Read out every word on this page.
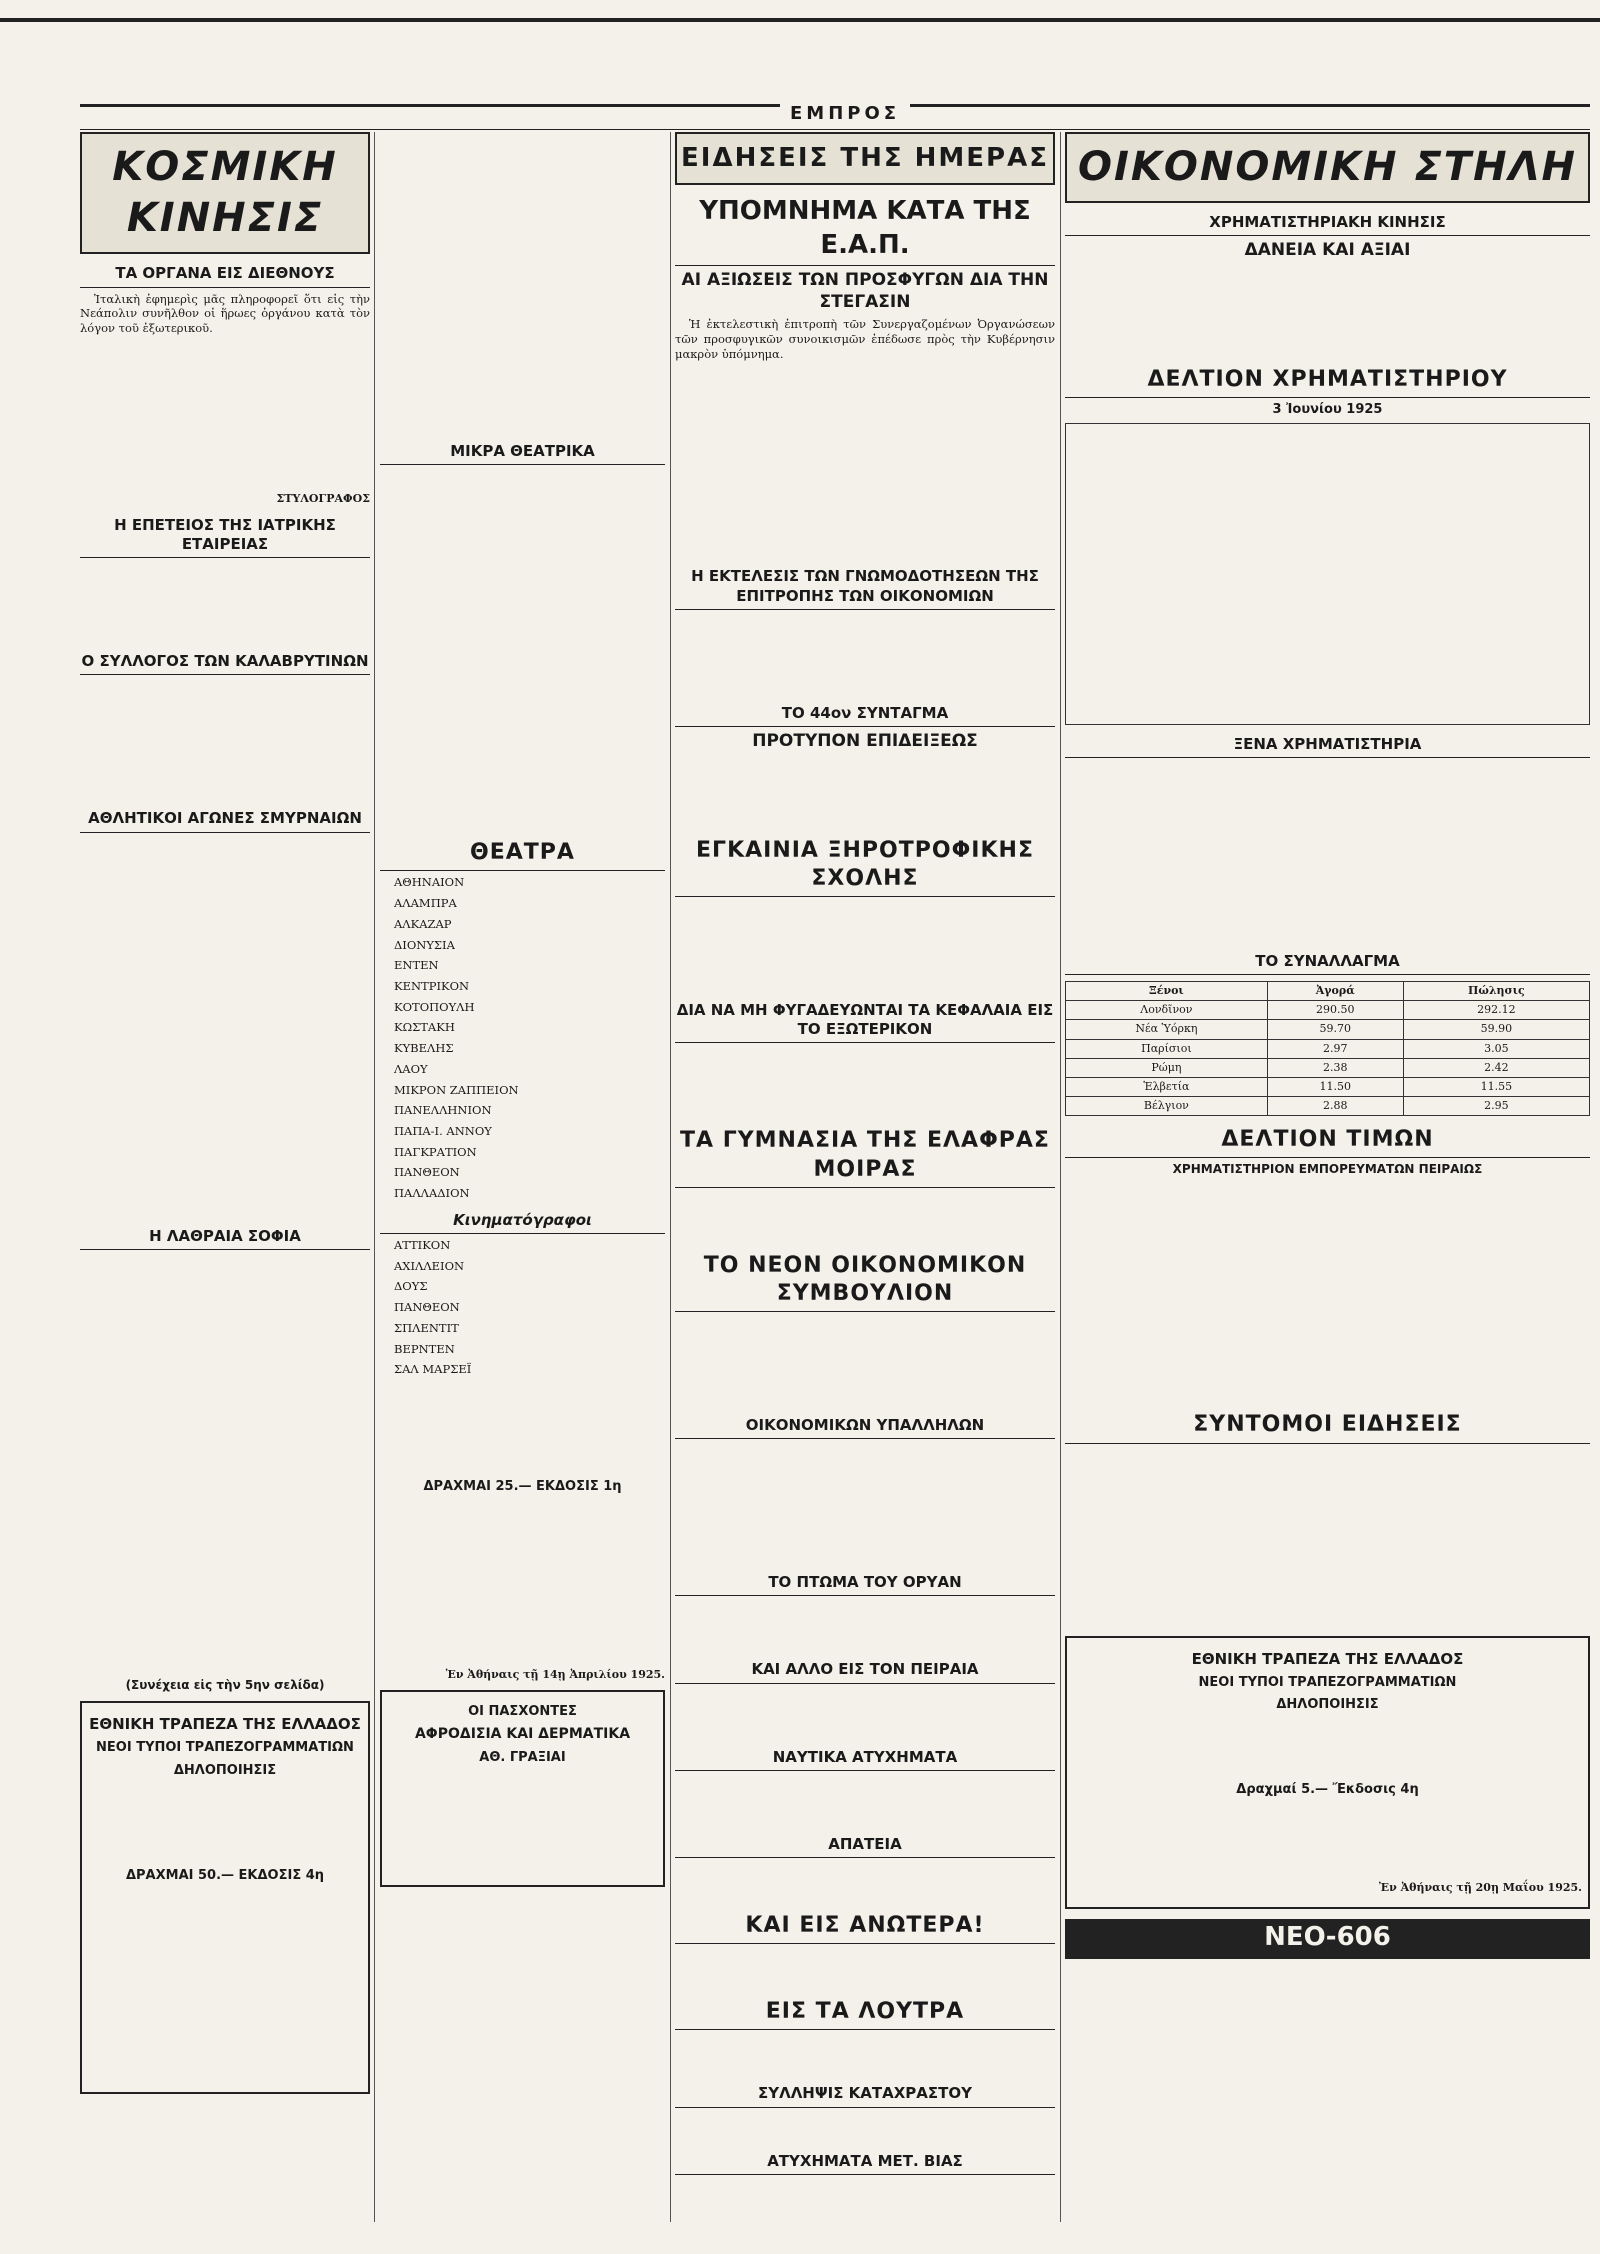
ΕΜΠΡΟΣ
ΚΟΣΜΙΚΗ ΚΙΝΗΣΙΣ
ΤΑ ΟΡΓΑΝΑ ΕΙΣ ΔΙΕΘΝΟΥΣ

Ἰταλικὴ ἐφημερὶς μᾶς πληροφορεῖ ὅτι εἰς τὴν Νεάπολιν συνῆλθον οἱ ἥρωες ὀργάνου κατὰ τὸν λόγον τοῦ ἐξωτερικοῦ.

ΣΤΥΛΟΓΡΑΦΟΣ
Η ΕΠΕΤΕΙΟΣ ΤΗΣ ΙΑΤΡΙΚΗΣ ΕΤΑΙΡΕΙΑΣ
Ο ΣΥΛΛΟΓΟΣ ΤΩΝ ΚΑΛΑΒΡΥΤΙΝΩΝ
ΑΘΛΗΤΙΚΟΙ ΑΓΩΝΕΣ ΣΜΥΡΝΑΙΩΝ
Η ΛΑΘΡΑΙΑ ΣΟΦΙΑ
(Συνέχεια εἰς τὴν 5ην σελίδα)
ΕΘΝΙΚΗ ΤΡΑΠΕΖΑ ΤΗΣ ΕΛΛΑΔΟΣ
ΝΕΟΙ ΤΥΠΟΙ ΤΡΑΠΕΖΟΓΡΑΜΜΑΤΙΩΝ
ΔΗΛΟΠΟΙΗΣΙΣ
ΔΡΑΧΜΑΙ 50.— ΕΚΔΟΣΙΣ 4η
ΜΙΚΡΑ ΘΕΑΤΡΙΚΑ
ΘΕΑΤΡΑ
ΑΘΗΝΑΙΟΝ
ΑΛΑΜΠΡΑ
ΑΛΚΑΖΑΡ
ΔΙΟΝΥΣΙΑ
ΕΝΤΕΝ
ΚΕΝΤΡΙΚΟΝ
ΚΟΤΟΠΟΥΛΗ
ΚΩΣΤΑΚΗ
ΚΥΒΕΛΗΣ
ΛΑΟΥ
ΜΙΚΡΟΝ ΖΑΠΠΕΙΟΝ
ΠΑΝΕΛΛΗΝΙΟΝ
ΠΑΠΑ-Ι. ΑΝΝΟΥ
ΠΑΓΚΡΑΤΙΟΝ
ΠΑΝΘΕΟΝ
ΠΑΛΛΑΔΙΟΝ
Κινηματόγραφοι
ΑΤΤΙΚΟΝ
ΑΧΙΛΛΕΙΟΝ
ΔΟΥΣ
ΠΑΝΘΕΟΝ
ΣΠΛΕΝΤΙΤ
ΒΕΡΝΤΕΝ
ΣΑΛ ΜΑΡΣΕΪ
ΔΡΑΧΜΑΙ 25.— ΕΚΔΟΣΙΣ 1η
Ἐν Ἀθήναις τῇ 14ῃ Ἀπριλίου 1925.
ΟΙ ΠΑΣΧΟΝΤΕΣ
ΑΦΡΟΔΙΣΙΑ ΚΑΙ ΔΕΡΜΑΤΙΚΑ
ΑΘ. ΓΡΑΞΙΑΙ
ΕΙΔΗΣΕΙΣ ΤΗΣ ΗΜΕΡΑΣ
ΥΠΟΜΝΗΜΑ ΚΑΤΑ ΤΗΣ Ε.Α.Π.
ΑΙ ΑΞΙΩΣΕΙΣ ΤΩΝ ΠΡΟΣΦΥΓΩΝ ΔΙΑ ΤΗΝ ΣΤΕΓΑΣΙΝ

Ἡ ἐκτελεστικὴ ἐπιτροπὴ τῶν Συνεργαζομένων Ὀργανώσεων τῶν προσφυγικῶν συνοικισμῶν ἐπέδωσε πρὸς τὴν Κυβέρνησιν μακρὸν ὑπόμνημα.

Η ΕΚΤΕΛΕΣΙΣ ΤΩΝ ΓΝΩΜΟΔΟΤΗΣΕΩΝ ΤΗΣ ΕΠΙΤΡΟΠΗΣ ΤΩΝ ΟΙΚΟΝΟΜΙΩΝ
ΤΟ 44ον ΣΥΝΤΑΓΜΑ
ΠΡΟΤΥΠΟΝ ΕΠΙΔΕΙΞΕΩΣ
ΕΓΚΑΙΝΙΑ ΞΗΡΟΤΡΟΦΙΚΗΣ ΣΧΟΛΗΣ
ΔΙΑ ΝΑ ΜΗ ΦΥΓΑΔΕΥΩΝΤΑΙ ΤΑ ΚΕΦΑΛΑΙΑ ΕΙΣ ΤΟ ΕΞΩΤΕΡΙΚΟΝ
ΤΑ ΓΥΜΝΑΣΙΑ ΤΗΣ ΕΛΑΦΡΑΣ ΜΟΙΡΑΣ
ΤΟ ΝΕΟΝ ΟΙΚΟΝΟΜΙΚΟΝ ΣΥΜΒΟΥΛΙΟΝ
ΟΙΚΟΝΟΜΙΚΩΝ ΥΠΑΛΛΗΛΩΝ
ΤΟ ΠΤΩΜΑ ΤΟΥ ΟΡΥΑΝ
ΚΑΙ ΑΛΛΟ ΕΙΣ ΤΟΝ ΠΕΙΡΑΙΑ
ΝΑΥΤΙΚΑ ΑΤΥΧΗΜΑΤΑ
ΑΠΑΤΕΙΑ
ΚΑΙ ΕΙΣ ΑΝΩΤΕΡΑ!
ΕΙΣ ΤΑ ΛΟΥΤΡΑ
ΣΥΛΛΗΨΙΣ ΚΑΤΑΧΡΑΣΤΟΥ
ΑΤΥΧΗΜΑΤΑ ΜΕΤ. ΒΙΑΣ
ΟΙΚΟΝΟΜΙΚΗ ΣΤΗΛΗ
ΧΡΗΜΑΤΙΣΤΗΡΙΑΚΗ ΚΙΝΗΣΙΣ
ΔΑΝΕΙΑ ΚΑΙ ΑΞΙΑΙ
ΔΕΛΤΙΟΝ ΧΡΗΜΑΤΙΣΤΗΡΙΟΥ
3 Ἰουνίου 1925
ΞΕΝΑ ΧΡΗΜΑΤΙΣΤΗΡΙΑ
ΤΟ ΣΥΝΑΛΛΑΓΜΑ
Ξένοι	Ἀγορά	Πώλησις
Λονδῖνον	290.50	292.12
Νέα Ὑόρκη	59.70	59.90
Παρίσιοι	2.97	3.05
Ρώμη	2.38	2.42
Ἑλβετία	11.50	11.55
Βέλγιον	2.88	2.95
ΔΕΛΤΙΟΝ ΤΙΜΩΝ
ΧΡΗΜΑΤΙΣΤΗΡΙΟΝ ΕΜΠΟΡΕΥΜΑΤΩΝ ΠΕΙΡΑΙΩΣ
ΣΥΝΤΟΜΟΙ ΕΙΔΗΣΕΙΣ
ΕΘΝΙΚΗ ΤΡΑΠΕΖΑ ΤΗΣ ΕΛΛΑΔΟΣ
ΝΕΟΙ ΤΥΠΟΙ ΤΡΑΠΕΖΟΓΡΑΜΜΑΤΙΩΝ
ΔΗΛΟΠΟΙΗΣΙΣ
Δραχμαί 5.— Ἔκδοσις 4η
Ἐν Ἀθήναις τῇ 20ῃ Μαΐου 1925.
ΝΕΟ-606
